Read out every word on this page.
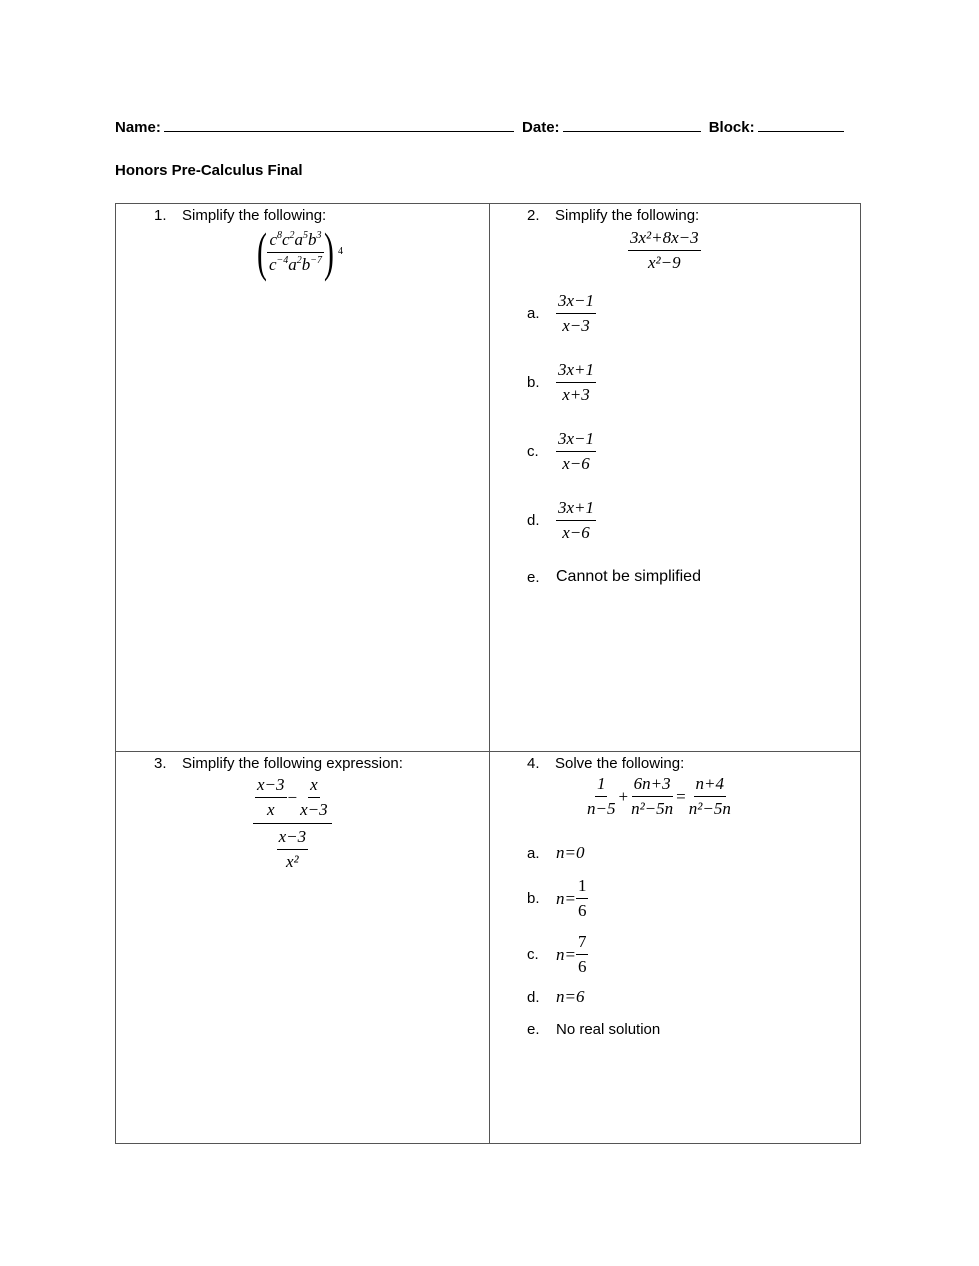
Name:	Date:	Block:
Honors Pre-Calculus Final
1. Simplify the following:
( $\frac{c^8c^2a^5b^3}{c^{-4}a^2b^{-7}}$ ) 4
2. Simplify the following:
$\frac{\text{3x²+8x−3}}{\text{x²−9}}$
a. $\frac{3x-1}{x-3}$
b. $\frac{3x+1}{x+3}$
c.	$\frac{3x-1}{x-6}$
d. $\frac{3x+1}{x-6}$
e.	Cannot be simplified
3. Simplify the following expression:
$\frac{\frac{x-3}{x} - \frac{x}{x-3}}{\frac{x-3}{\text{x²}}}$
4. Solve the following:
$\frac{1}{n-5} + \frac{6n+3}{\text{n²−5n}} = \frac{n+4}{\text{n²−5n}}$
a. n=0
b. $n= \frac{1}{6}$
c.	$n= \frac{7}{6}$
d. n=6
e.	No real solution
